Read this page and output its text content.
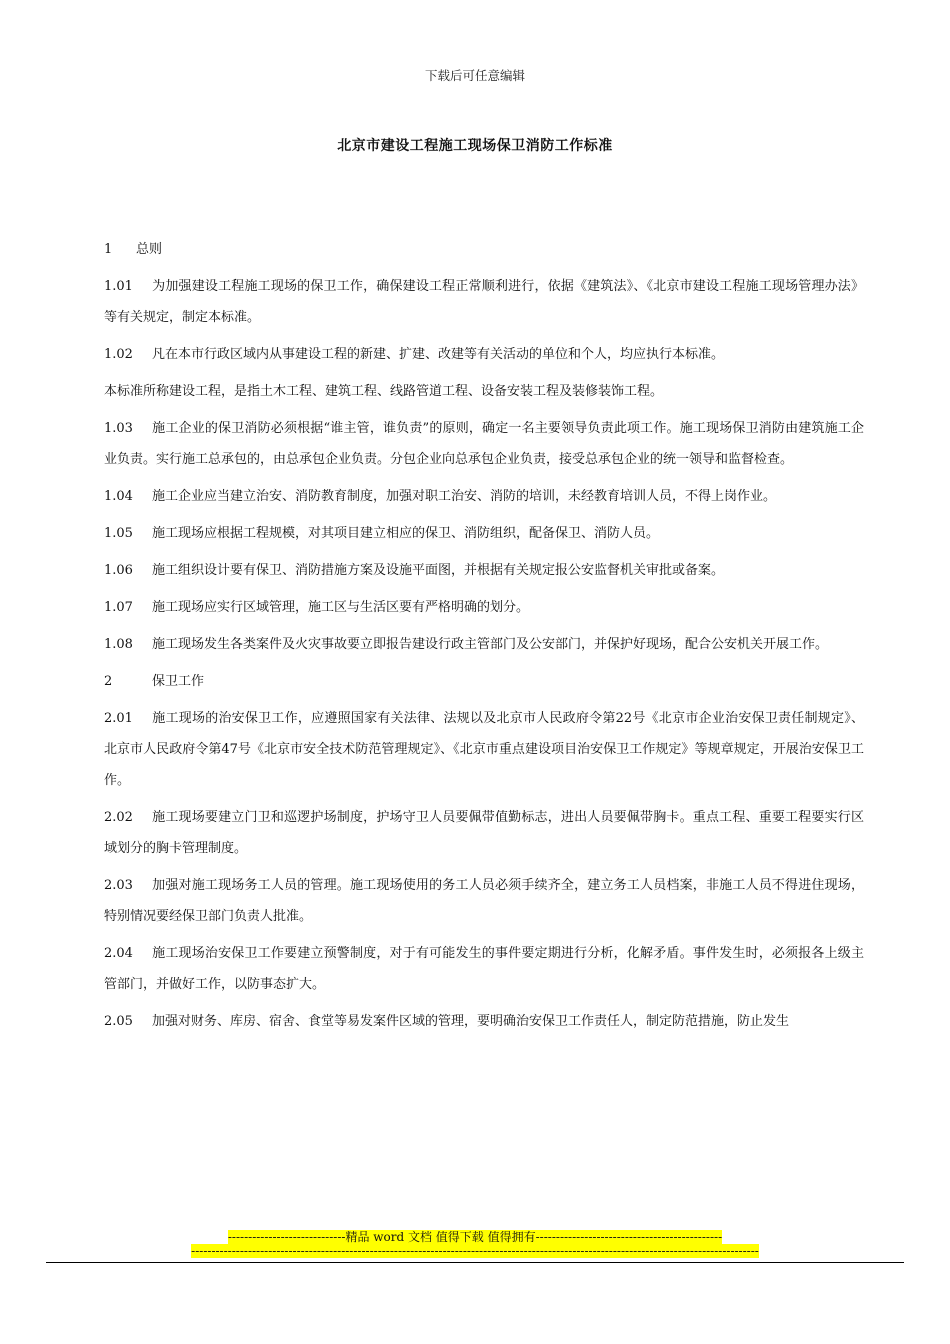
下载后可任意编辑
北京市建设工程施工现场保卫消防工作标准
1 总则
1.01 为加强建设工程施工现场的保卫工作，确保建设工程正常顺利进行，依据《建筑法》、《北京市建设工程施工现场管理办法》等有关规定，制定本标准。
1.02 凡在本市行政区域内从事建设工程的新建、扩建、改建等有关活动的单位和个人，均应执行本标准。
本标准所称建设工程，是指土木工程、建筑工程、线路管道工程、设备安装工程及装修装饰工程。
1.03 施工企业的保卫消防必须根据“谁主管，谁负责”的原则，确定一名主要领导负责此项工作。施工现场保卫消防由建筑施工企业负责。实行施工总承包的，由总承包企业负责。分包企业向总承包企业负责，接受总承包企业的统一领导和监督检查。
1.04 施工企业应当建立治安、消防教育制度，加强对职工治安、消防的培训，未经教育培训人员，不得上岗作业。
1.05 施工现场应根据工程规模，对其项目建立相应的保卫、消防组织，配备保卫、消防人员。
1.06 施工组织设计要有保卫、消防措施方案及设施平面图，并根据有关规定报公安监督机关审批或备案。
1.07 施工现场应实行区域管理，施工区与生活区要有严格明确的划分。
1.08 施工现场发生各类案件及火灾事故要立即报告建设行政主管部门及公安部门，并保护好现场，配合公安机关开展工作。
2	保卫工作
2.01 施工现场的治安保卫工作，应遵照国家有关法律、法规以及北京市人民政府令第22号《北京市企业治安保卫责任制规定》、北京市人民政府令第47号《北京市安全技术防范管理规定》、《北京市重点建设项目治安保卫工作规定》等规章规定，开展治安保卫工作。
2.02 施工现场要建立门卫和巡逻护场制度，护场守卫人员要佩带值勤标志，进出人员要佩带胸卡。重点工程、重要工程要实行区域划分的胸卡管理制度。
2.03 加强对施工现场务工人员的管理。施工现场使用的务工人员必须手续齐全，建立务工人员档案，非施工人员不得进住现场，特别情况要经保卫部门负责人批准。
2.04 施工现场治安保卫工作要建立预警制度，对于有可能发生的事件要定期进行分析，化解矛盾。事件发生时，必须报各上级主管部门，并做好工作，以防事态扩大。
2.05 加强对财务、库房、宿舍、食堂等易发案件区域的管理，要明确治安保卫工作责任人，制定防范措施，防止发生
-----------------------------精品 word 文档 值得下载 值得拥有----------------------------------------------
--------------------------------------------------------------------------------------------------------------------------------------------
